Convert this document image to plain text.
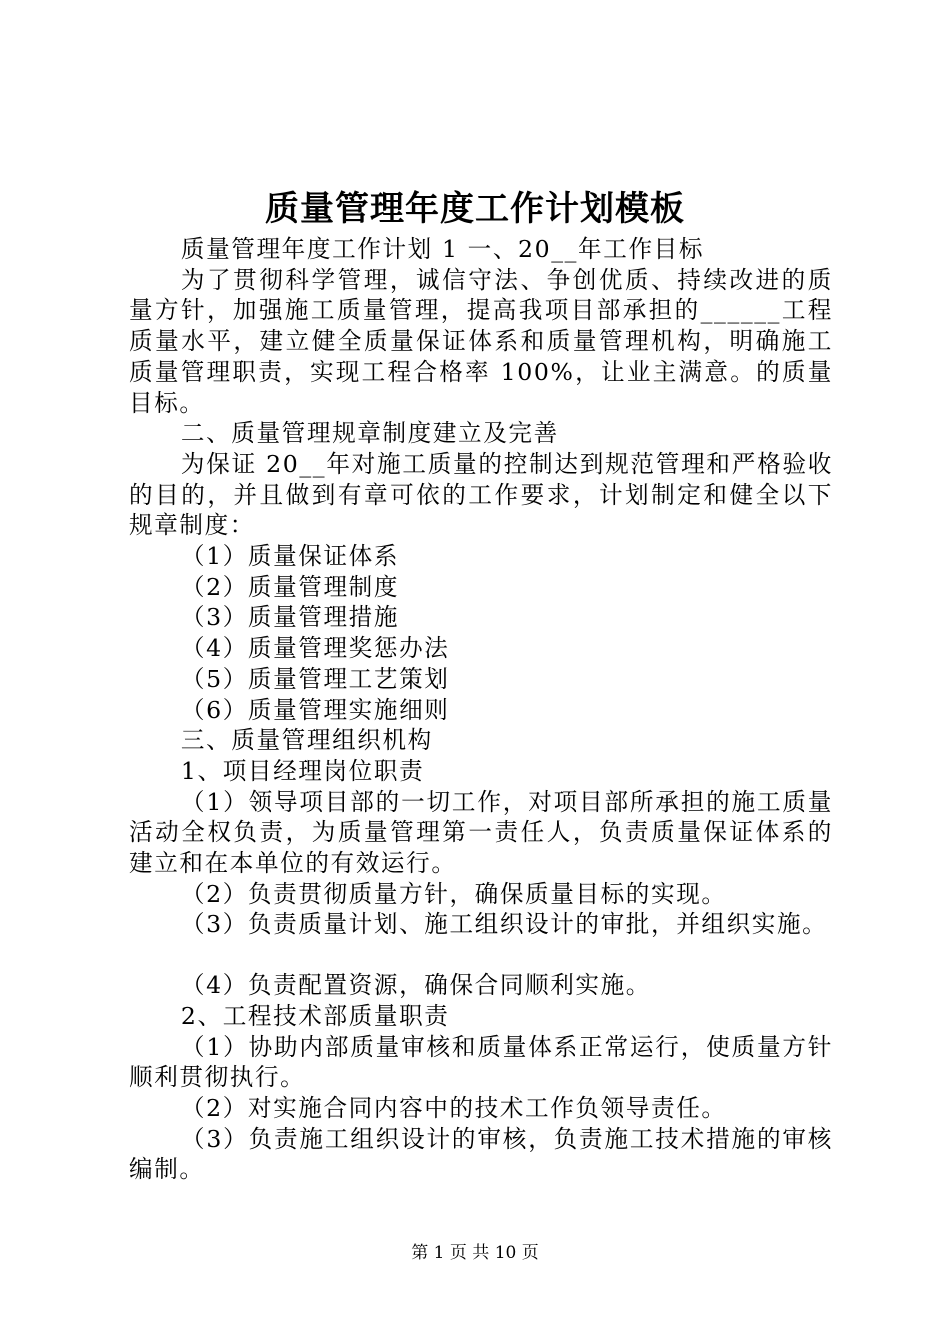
质量管理年度工作计划模板

质量管理年度工作计划 1 一、20__年工作目标

为了贯彻科学管理，诚信守法、争创优质、持续改进的质量方针，加强施工质量管理，提高我项目部承担的______工程质量水平，建立健全质量保证体系和质量管理机构，明确施工质量管理职责，实现工程合格率 100%，让业主满意。的质量目标。

二、质量管理规章制度建立及完善

为保证 20__年对施工质量的控制达到规范管理和严格验收的目的，并且做到有章可依的工作要求，计划制定和健全以下规章制度：

（1）质量保证体系

（2）质量管理制度

（3）质量管理措施

（4）质量管理奖惩办法

（5）质量管理工艺策划

（6）质量管理实施细则

三、质量管理组织机构

1、项目经理岗位职责

（1）领导项目部的一切工作，对项目部所承担的施工质量活动全权负责，为质量管理第一责任人，负责质量保证体系的建立和在本单位的有效运行。

（2）负责贯彻质量方针，确保质量目标的实现。

（3）负责质量计划、施工组织设计的审批，并组织实施。

（4）负责配置资源，确保合同顺利实施。

2、工程技术部质量职责

（1）协助内部质量审核和质量体系正常运行，使质量方针顺利贯彻执行。

（2）对实施合同内容中的技术工作负领导责任。

（3）负责施工组织设计的审核，负责施工技术措施的审核编制。

第 1 页 共 10 页
